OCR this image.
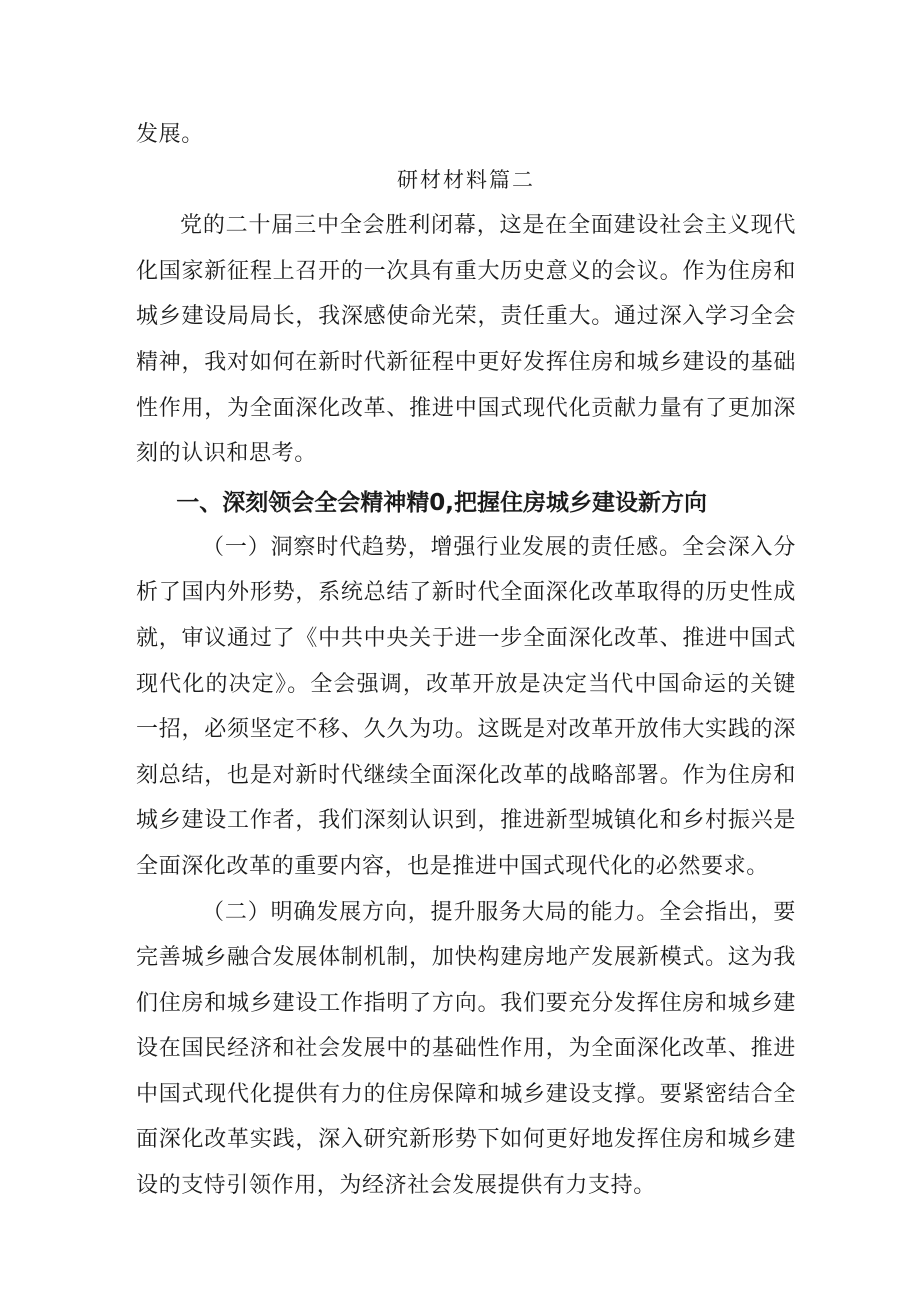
发展。

研材材料篇二

党的二十届三中全会胜利闭幕，这是在全面建设社会主义现代化国家新征程上召开的一次具有重大历史意义的会议。作为住房和城乡建设局局长，我深感使命光荣，责任重大。通过深入学习全会精神，我对如何在新时代新征程中更好发挥住房和城乡建设的基础性作用，为全面深化改革、推进中国式现代化贡献力量有了更加深刻的认识和思考。

一、深刻领会全会精神精0,把握住房城乡建设新方向

（一）洞察时代趋势，增强行业发展的责任感。全会深入分析了国内外形势，系统总结了新时代全面深化改革取得的历史性成就，审议通过了《中共中央关于进一步全面深化改革、推进中国式现代化的决定》。全会强调，改革开放是决定当代中国命运的关键一招，必须坚定不移、久久为功。这既是对改革开放伟大实践的深刻总结，也是对新时代继续全面深化改革的战略部署。作为住房和城乡建设工作者，我们深刻认识到，推进新型城镇化和乡村振兴是全面深化改革的重要内容，也是推进中国式现代化的必然要求。

（二）明确发展方向，提升服务大局的能力。全会指出，要完善城乡融合发展体制机制，加快构建房地产发展新模式。这为我们住房和城乡建设工作指明了方向。我们要充分发挥住房和城乡建设在国民经济和社会发展中的基础性作用，为全面深化改革、推进中国式现代化提供有力的住房保障和城乡建设支撑。要紧密结合全面深化改革实践，深入研究新形势下如何更好地发挥住房和城乡建设的支恃引领作用，为经济社会发展提供有力支持。
